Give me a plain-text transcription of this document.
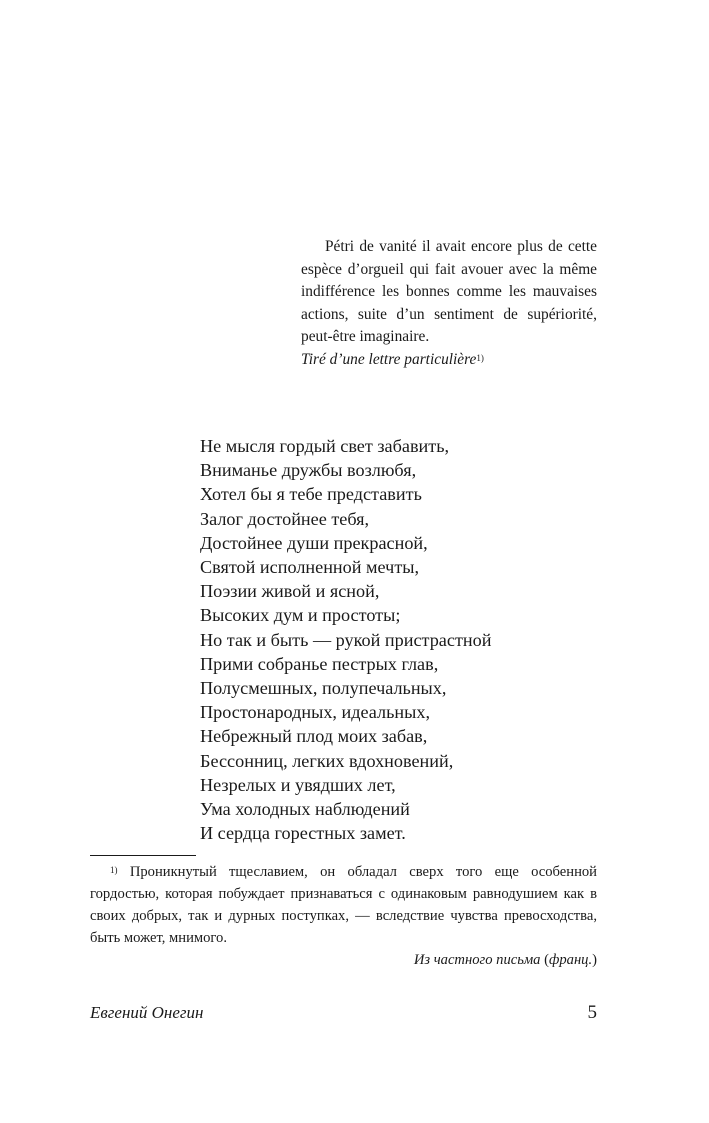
Pétri de vanité il avait encore plus de cette espèce d’orgueil qui fait avouer avec la même indifférence les bonnes comme les mauvaises actions, suite d’un sentiment de supériorité, peut-être imaginaire.

Tiré d’une lettre particulière$^{1)}$

Не мысля гордый свет забавить,
Вниманье дружбы возлюбя,
Хотел бы я тебе представить
Залог достойнее тебя,
Достойнее души прекрасной,
Святой исполненной мечты,
Поэзии живой и ясной,
Высоких дум и простоты;
Но так и быть — рукой пристрастной
Прими собранье пестрых глав,
Полусмешных, полупечальных,
Простонародных, идеальных,
Небрежный плод моих забав,
Бессонниц, легких вдохновений,
Незрелых и увядших лет,
Ума холодных наблюдений
И сердца горестных замет.

$^{1)}$ Проникнутый тщеславием, он обладал сверх того еще особенной гордостью, которая побуждает признаваться с одинаковым равнодушием как в своих добрых, так и дурных поступках, — вследствие чувства превосходства, быть может, мнимого.

Из частного письма (франц.)

Евгений Онегин	5
